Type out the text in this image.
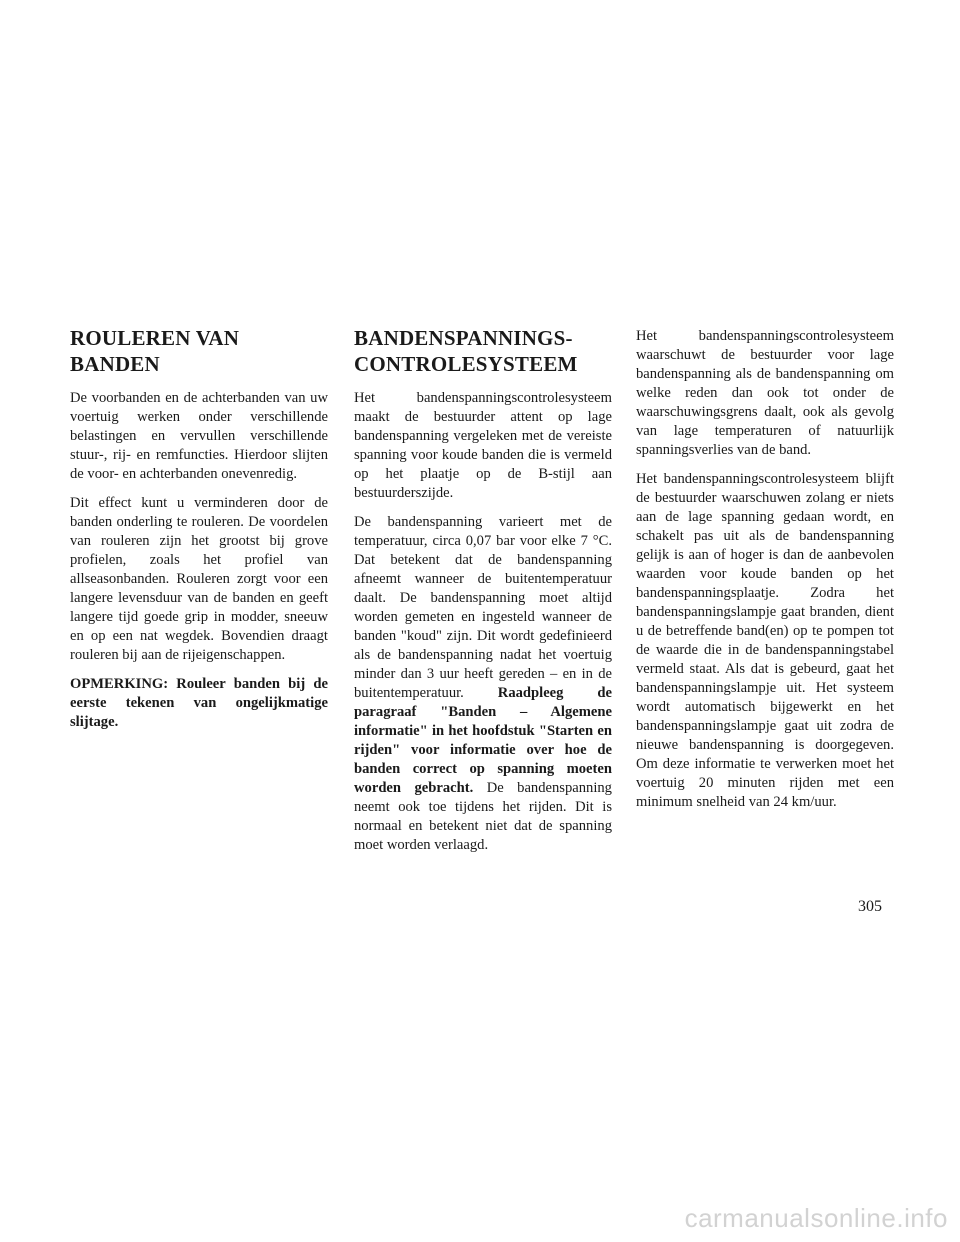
ROULEREN VAN BANDEN

De voorbanden en de achterbanden van uw voertuig werken onder verschillende belastingen en vervullen verschillende stuur-, rij- en remfuncties. Hierdoor slijten de voor- en achterbanden onevenredig.

Dit effect kunt u verminderen door de banden onderling te rouleren. De voordelen van rouleren zijn het grootst bij grove profielen, zoals het profiel van allseasonbanden. Rouleren zorgt voor een langere levensduur van de banden en geeft langere tijd goede grip in modder, sneeuw en op een nat wegdek. Bovendien draagt rouleren bij aan de rijeigenschappen.

OPMERKING: Rouleer banden bij de eerste tekenen van ongelijkmatige slijtage.

BANDENSPANNINGS-CONTROLESYSTEEM

Het bandenspanningscontrolesysteem maakt de bestuurder attent op lage bandenspanning vergeleken met de vereiste spanning voor koude banden die is vermeld op het plaatje op de B-stijl aan bestuurderszijde.

De bandenspanning varieert met de temperatuur, circa 0,07 bar voor elke 7 °C. Dat betekent dat de bandenspanning afneemt wanneer de buitentemperatuur daalt. De bandenspanning moet altijd worden gemeten en ingesteld wanneer de banden "koud" zijn. Dit wordt gedefinieerd als de bandenspanning nadat het voertuig minder dan 3 uur heeft gereden – en in de buitentemperatuur. Raadpleeg de paragraaf "Banden – Algemene informatie" in het hoofdstuk "Starten en rijden" voor informatie over hoe de banden correct op spanning moeten worden gebracht. De bandenspanning neemt ook toe tijdens het rijden. Dit is normaal en betekent niet dat de spanning moet worden verlaagd.

Het bandenspanningscontrolesysteem waarschuwt de bestuurder voor lage bandenspanning als de bandenspanning om welke reden dan ook tot onder de waarschuwingsgrens daalt, ook als gevolg van lage temperaturen of natuurlijk spanningsverlies van de band.

Het bandenspanningscontrolesysteem blijft de bestuurder waarschuwen zolang er niets aan de lage spanning gedaan wordt, en schakelt pas uit als de bandenspanning gelijk is aan of hoger is dan de aanbevolen waarden voor koude banden op het bandenspanningsplaatje. Zodra het bandenspanningslampje gaat branden, dient u de betreffende band(en) op te pompen tot de waarde die in de bandenspanningstabel vermeld staat. Als dat is gebeurd, gaat het bandenspanningslampje uit. Het systeem wordt automatisch bijgewerkt en het bandenspanningslampje gaat uit zodra de nieuwe bandenspanning is doorgegeven. Om deze informatie te verwerken moet het voertuig 20 minuten rijden met een minimum snelheid van 24 km/uur.

305
carmanualsonline.info
